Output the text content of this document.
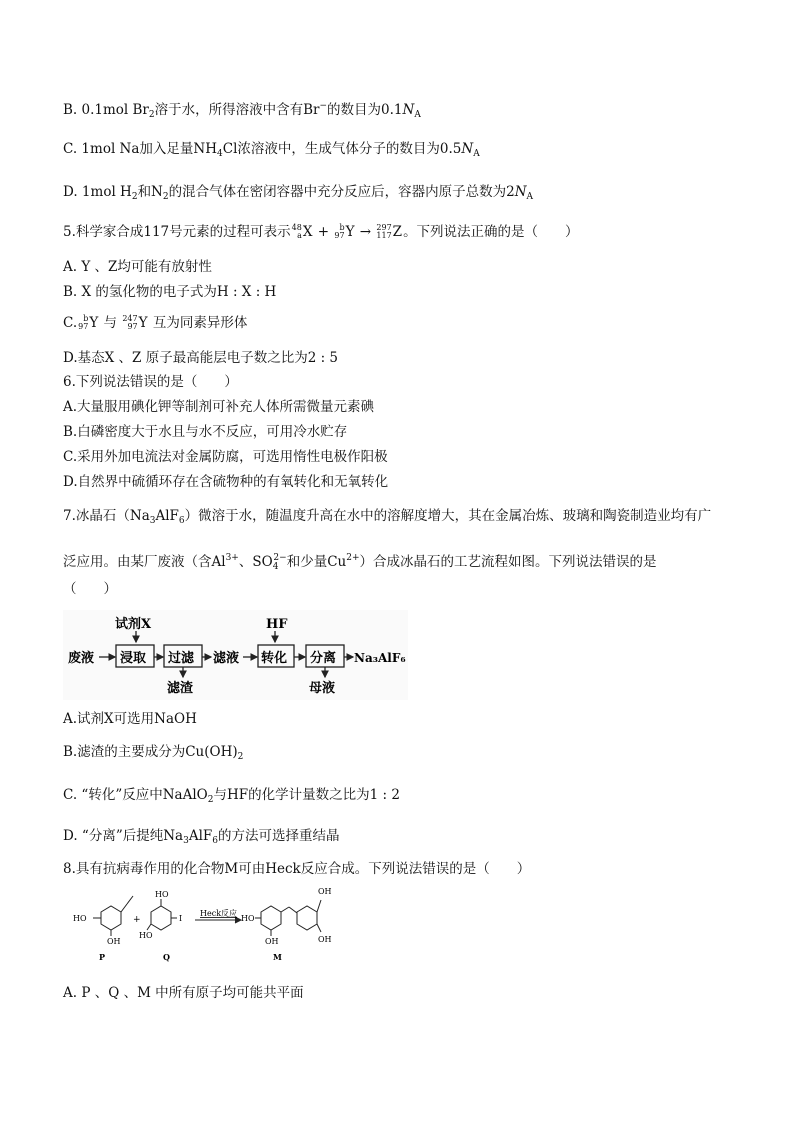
B. 0.1mol $Br_2$溶于水，所得溶液中含有Br−的数目为$0.1N_A$
C. 1mol Na加入足量$NH_4Cl$浓溶液中，生成气体分子的数目为$0.5N_A$
D. 1mol $H_2$和$N_2$的混合气体在密闭容器中充分反应后，容器内原子总数为$2N_A$
5.科学家合成117号元素的过程可表示 48
a X + b
97 Y → 297
117 Z 。下列说法正确的是（　　）
A. Y 、Z均可能有放射性
B. X 的氢化物的电子式为H : X : H
C. b
97 Y 与 247
97 Y 互为同素异形体
D.基态X 、Z 原子最高能层电子数之比为2 : 5
6.下列说法错误的是（　　）
A.大量服用碘化钾等制剂可补充人体所需微量元素碘
B.白磷密度大于水且与水不反应，可用冷水贮存
C.采用外加电流法对金属防腐，可选用惰性电极作阳极
D.自然界中硫循环存在含硫物种的有氧转化和无氧转化
7.冰晶石$(Na_3AlF_6)$微溶于水，随温度升高在水中的溶解度增大，其在金属冶炼、玻璃和陶瓷制造业均有广
泛应用。由某厂废液（含$Al^{3+}$、$SO_4^{2-}$和少量$Cu^{2+}$）合成冰晶石的工艺流程如图。下列说法错误的是
（　　）
试剂X	HF
废液 浸取 过滤
滤渣
滤液 转化 分离
母液
Na₃AlF₆
A.试剂X可选用NaOH
B.滤渣的主要成分为$Cu(OH)_2$
C. “转化”反应中NaAlO$_2$与HF的化学计量数之比为1 : 2
D. “分离”后提纯$Na_3AlF_6$的方法可选择重结晶
8.具有抗病毒作用的化合物M可由Heck反应合成。下列说法错误的是（　　）
HO
OH
+
HO
HO
I
Heck反应
HO
OH
OH
OH
P	Q	M
A. P 、Q 、M 中所有原子均可能共平面
